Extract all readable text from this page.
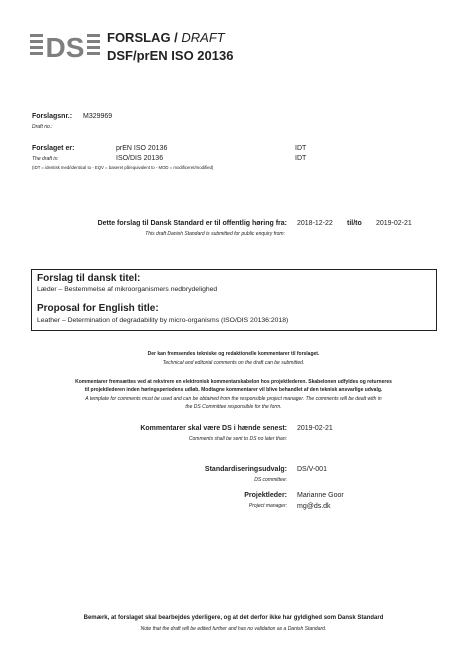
DS FORSLAG / DRAFT
DSF/prEN ISO 20136
Forslagsnr.: M329969
Draft no.:
Forslaget er:	prEN ISO 20136	IDT
The draft is:	ISO/DIS 20136	IDT
(IDT = identisk med/identical to - EQV = baseret på/equivalent to - MOD = modificeret/modified)
Dette forslag til Dansk Standard er til offentlig høring fra:
This draft Danish Standard is submitted for public enquiry from:
2018-12-22 til/to 2019-02-21
Forslag til dansk titel:
Læder – Bestemmelse af mikroorganismers nedbrydelighed
Proposal for English title:
Leather – Determination of degradability by micro-organisms (ISO/DIS 20136:2018)
Der kan fremsendes tekniske og redaktionelle kommentarer til forslaget.
Technical and editorial comments on the draft can be submitted.
Kommentarer fremsættes ved at rekvirere en elektronisk kommentarskabelon hos projektlederen. Skabelonen udfyldes og returneres
til projektlederen inden høringsperiodens udløb. Modtagne kommentarer vil blive behandlet af den teknisk ansvarlige udvalg.
A template for comments must be used and can be obtained from the responsible project manager. The comments will be dealt with in
the DS Committee responsible for the form.
Kommentarer skal være DS i hænde senest:
Comments shall be sent to DS no later than:
2019-02-21
Standardiseringsudvalg:
DS committee:
DS/V-001
Projektleder:
Project manager:
Marianne Goor
mg@ds.dk
Bemærk, at forslaget skal bearbejdes yderligere, og at det derfor ikke har gyldighed som Dansk Standard
Note that the draft will be edited further and has no validation as a Danish Standard.
